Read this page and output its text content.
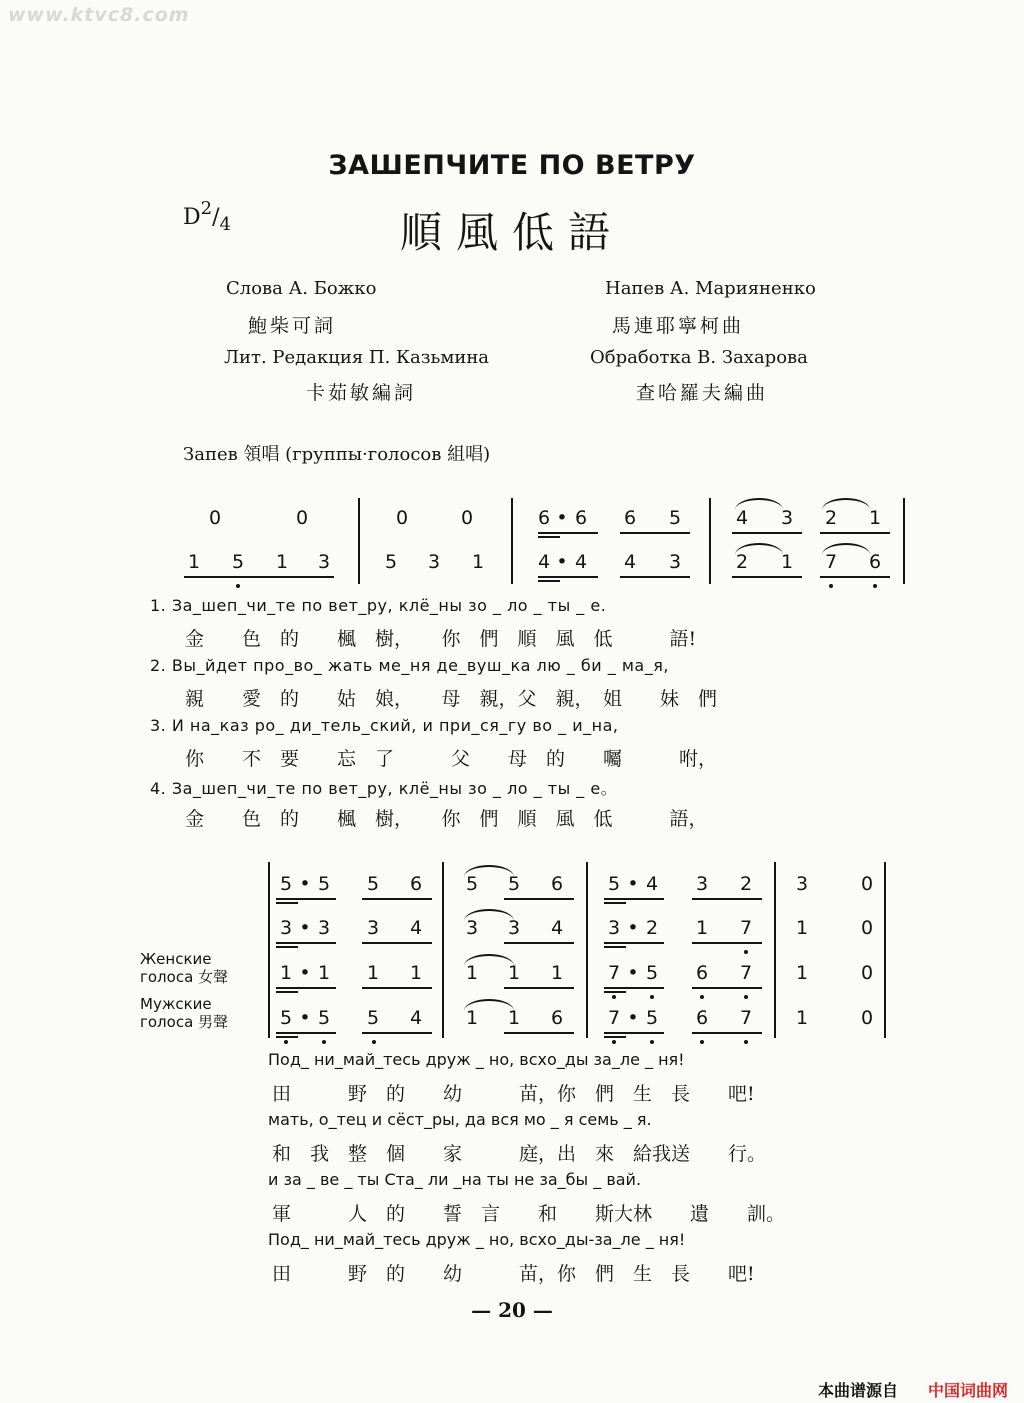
www.ktvc8.com
ЗАШЕПЧИТЕ ПО ВЕТРУ
順風低語
$D^2/_4$
Слова А. Божко
鮑柴可詞
Лит. Редакция П. Казьмина
卡茹敏編詞
Напев А. Марияненко
馬連耶寧柯曲
Обработка В. Захарова
查哈羅夫編曲
Запев 領唱 (группы·голосов 組唱)
0	0	0	0	6 • 6	6	5	4	3	2	1
1	5	1	3	5	3	1	4 • 4	4	3	2	1	7	6
1. За_шеп_чи_те по вет_ру, клё_ны зо _ ло _ ты _ е.
金　　色　的　　楓　樹，　　你　們　順　風　低　　　語!
2. Вы_йдет про_во_ жать ме_ня де_вуш_ка лю _ би _ ма_я,
親　　愛　的　　姑　娘，　　母　親，父　親，　姐　　妹　們
3. И на_каз ро_ ди_тель_ский, и при_ся_гу во _ и_на,
你　　不　要　　忘　了　　　父　　母　的　　囑　　　咐，
4. За_шеп_чи_те по вет_ру, клё_ны зо _ ло _ ты _ е。
金　　色　的　　楓　樹，　　你　們　順　風　低　　　語，
5 • 5	5	6	5	5	6	5 • 4	3	2	3	0
3 • 3	3	4	3	3	4	3 • 2	1	7	1	0
1 • 1	1	1	1	1	1	7 • 5	6	7	1	0
5 • 5	5	4	1	1	6	7 • 5	6	7	1	0
Женские голоса 女聲
Мужские голоса 男聲
Под_ ни_май_тесь друж _ но, всхо_ды за_ле _ ня!
田　　　野　的　　幼　　　苗，你　們　生　長　　吧!
мать, о_тец и сёст_ры, да вся мо _ я семь _ я.
和　我　整　個　　家　　　庭，出　來　給我送　　行。
и за _ ве _ ты Ста_ ли _на ты не за_бы _ вай.
軍　　　人　的　　誓　言　　和　　斯大林　　遺　　訓。
Под_ ни_май_тесь друж _ но, всхо_ды-за_ле _ ня!
田　　　野　的　　幼　　　苗，你　們　生　長　　吧!
— 20 —
本曲谱源自 中国词曲网
